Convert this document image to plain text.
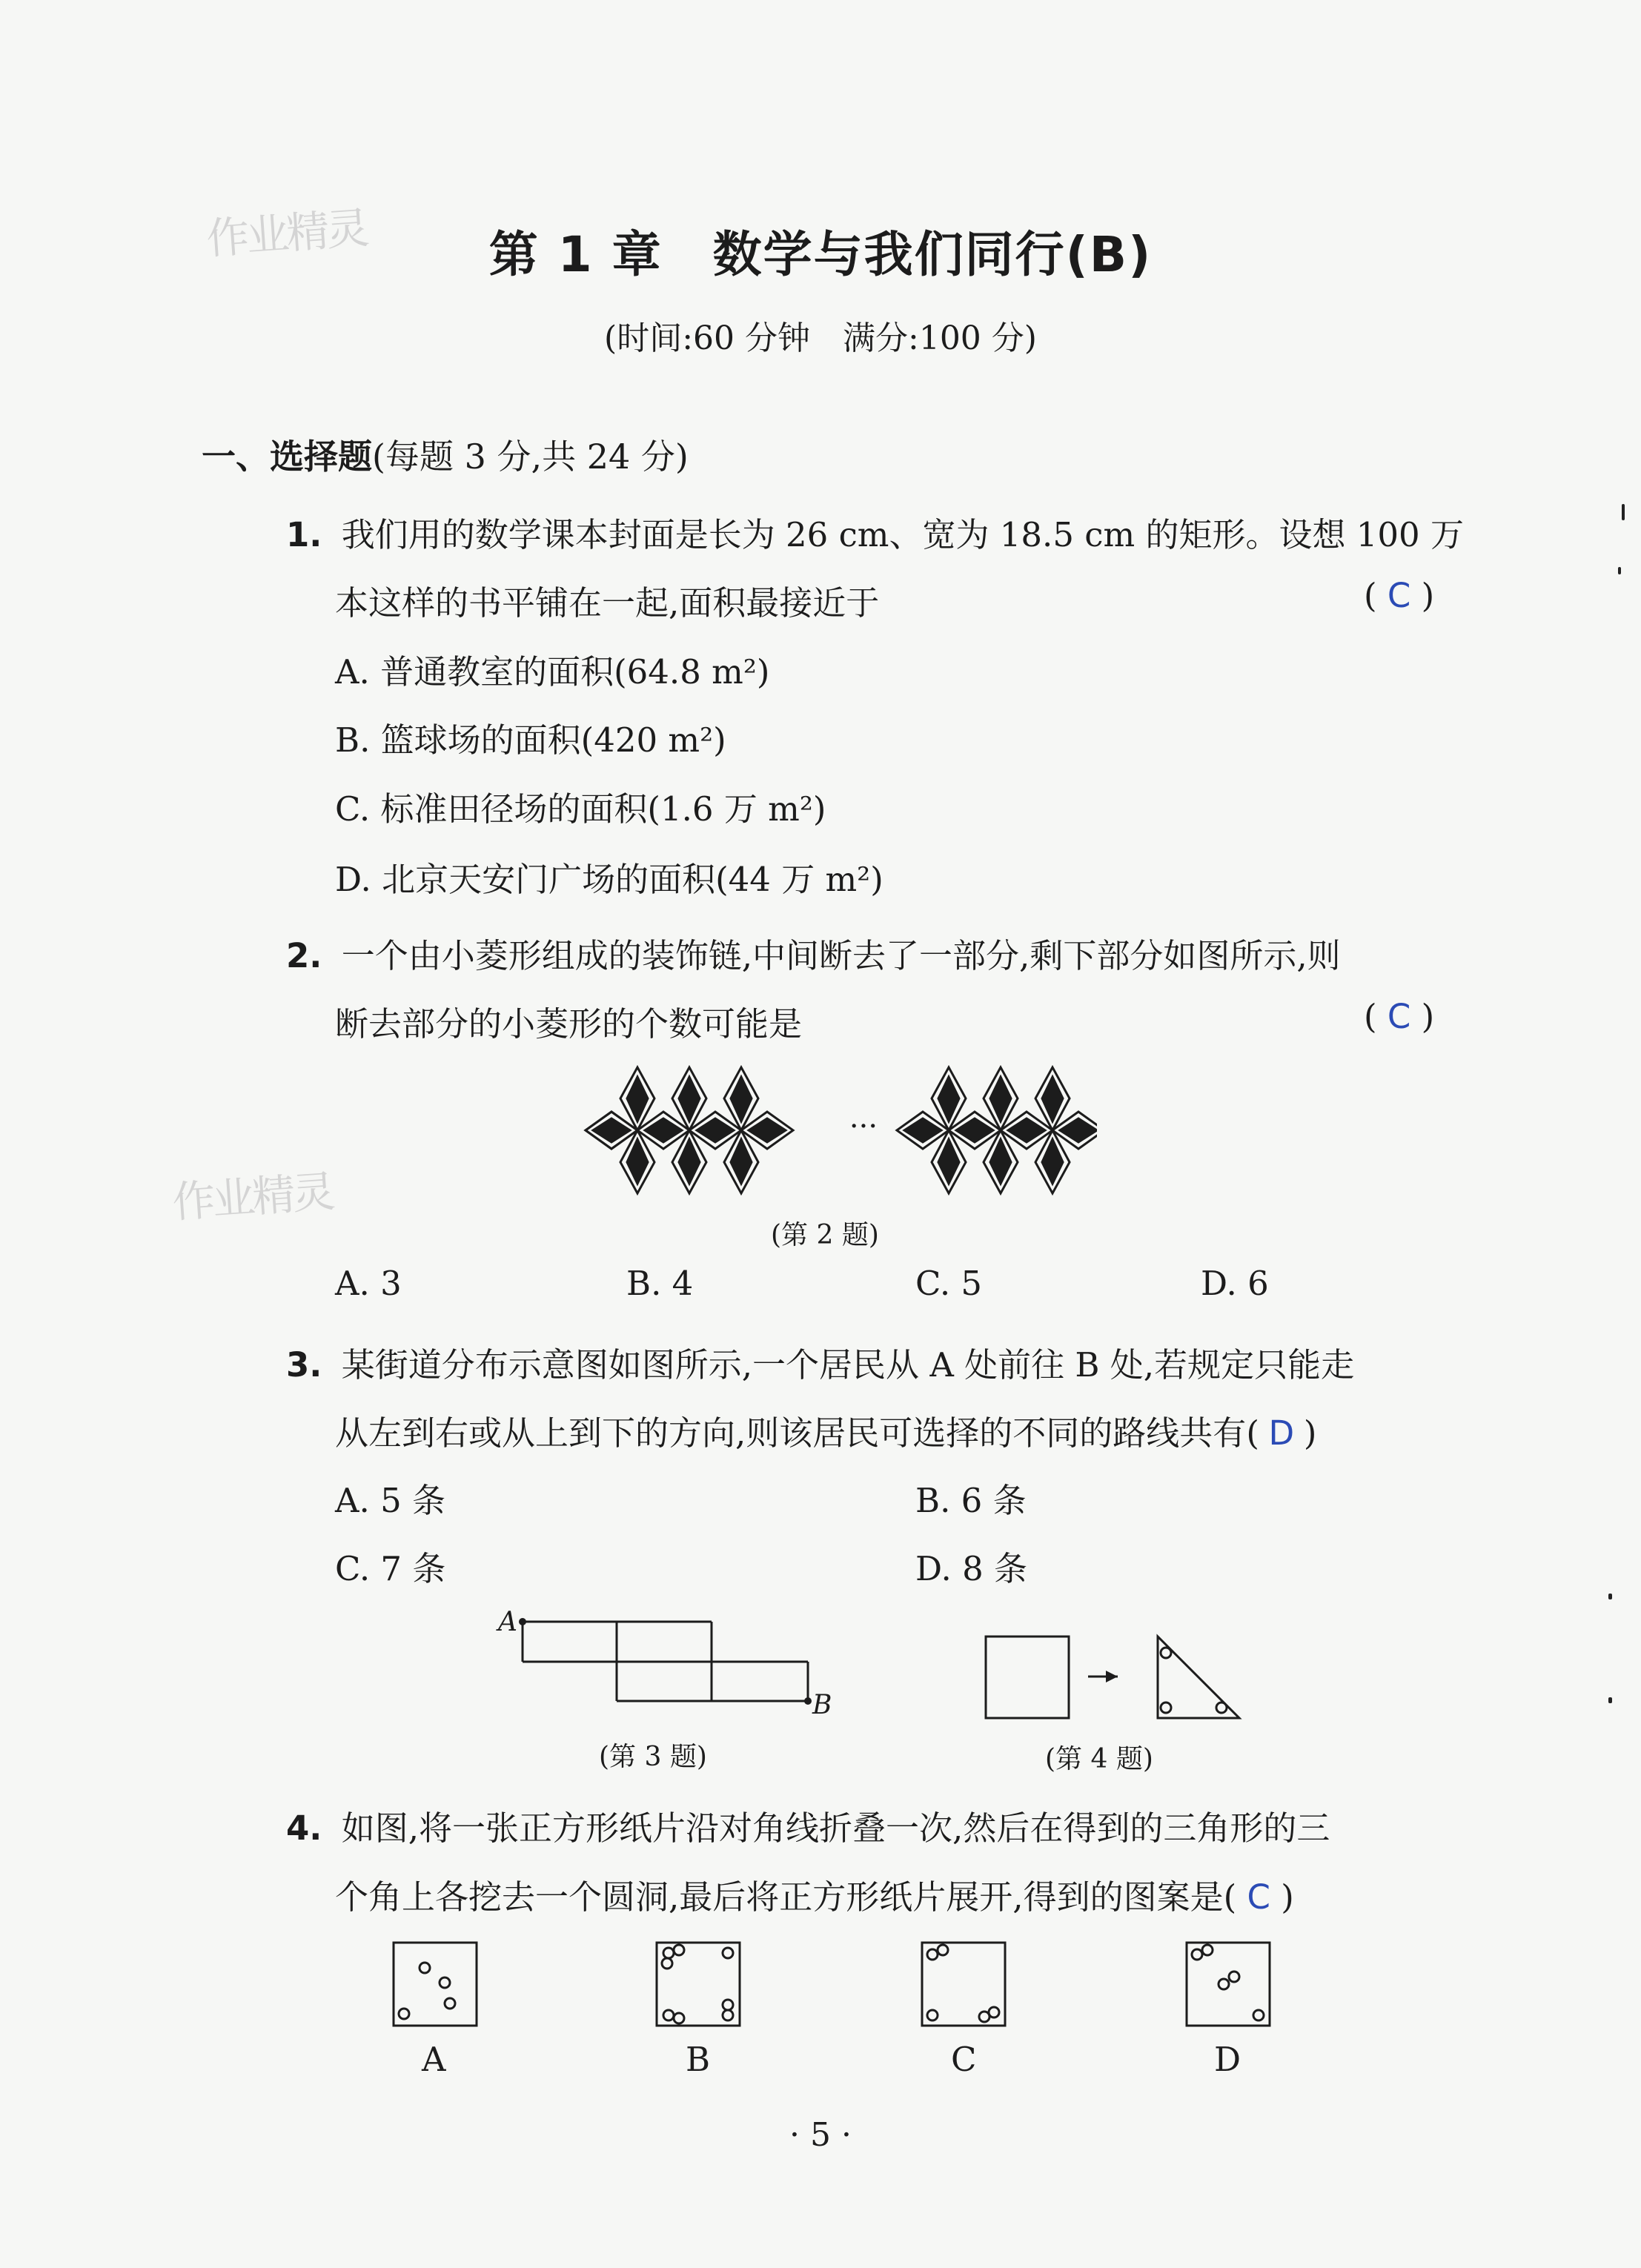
作业精灵
作业精灵
第 1 章　数学与我们同行(B)
(时间:60 分钟　满分:100 分)
一、选择题(每题 3 分,共 24 分)
1. 我们用的数学课本封面是长为 26 cm、宽为 18.5 cm 的矩形。设想 100 万
本这样的书平铺在一起,面积最接近于	( C )
A. 普通教室的面积(64.8 m²)
B. 篮球场的面积(420 m²)
C. 标准田径场的面积(1.6 万 m²)
D. 北京天安门广场的面积(44 万 m²)
2. 一个由小菱形组成的装饰链,中间断去了一部分,剩下部分如图所示,则
断去部分的小菱形的个数可能是	( C )
···
(第 2 题)
A. 3	B. 4	C. 5	D. 6
3. 某街道分布示意图如图所示,一个居民从 A 处前往 B 处,若规定只能走
从左到右或从上到下的方向,则该居民可选择的不同的路线共有( D )
A. 5 条	B. 6 条
C. 7 条	D. 8 条
A
B
(第 3 题)	(第 4 题)
4. 如图,将一张正方形纸片沿对角线折叠一次,然后在得到的三角形的三
个角上各挖去一个圆洞,最后将正方形纸片展开,得到的图案是( C )
A	B	C	D
· 5 ·
